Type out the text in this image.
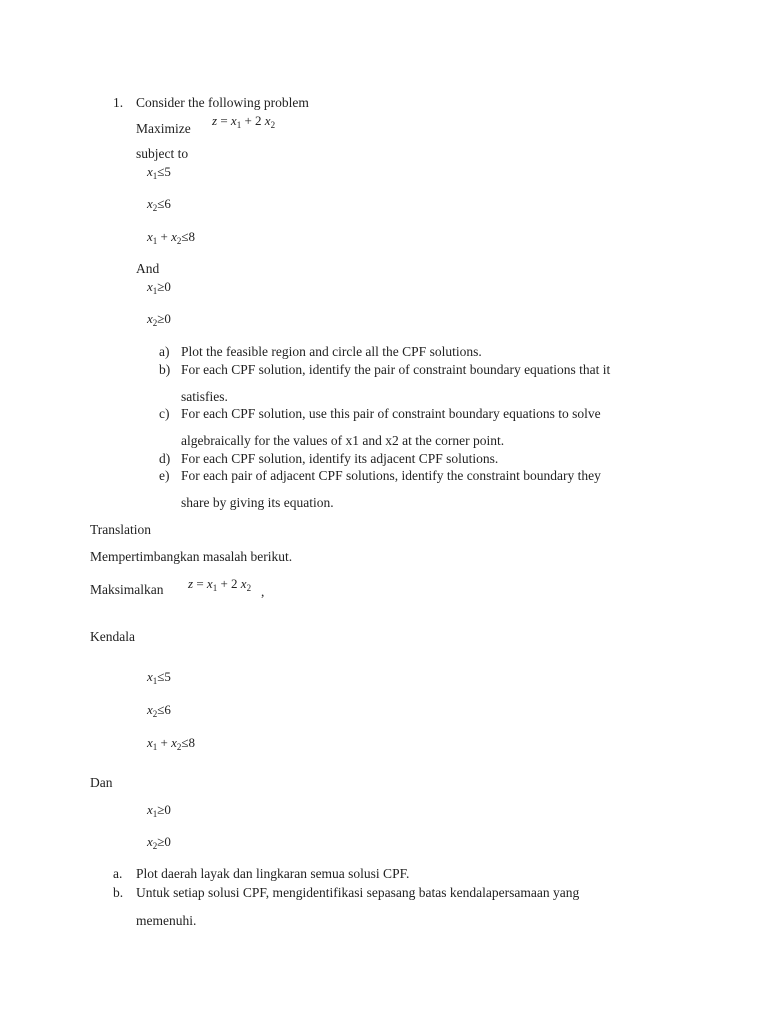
1. Consider the following problem
Maximize
$z = x_1 + 2$ $x_2$
subject to
$x_1\le 5$
$x_2\le 6$
$x_1 + x_2\le 8$
And
$x_1\ge 0$
$x_2\ge 0$
a) Plot the feasible region and circle all the CPF solutions.
b) For each CPF solution, identify the pair of constraint boundary equations that it
satisfies.
c) For each CPF solution, use this pair of constraint boundary equations to solve
algebraically for the values of x1 and x2 at the corner point.
d) For each CPF solution, identify its adjacent CPF solutions.
e) For each pair of adjacent CPF solutions, identify the constraint boundary they
share by giving its equation.
Translation
Mempertimbangkan masalah berikut.
Maksimalkan $z = x_1 + 2$ $x_2$ ,
Kendala
$x_1\le 5$
$x_2\le 6$
$x_1 + x_2\le 8$
Dan
$x_1\ge 0$
$x_2\ge 0$
a. Plot daerah layak dan lingkaran semua solusi CPF.
b. Untuk setiap solusi CPF, mengidentifikasi sepasang batas kendalapersamaan yang
memenuhi.
